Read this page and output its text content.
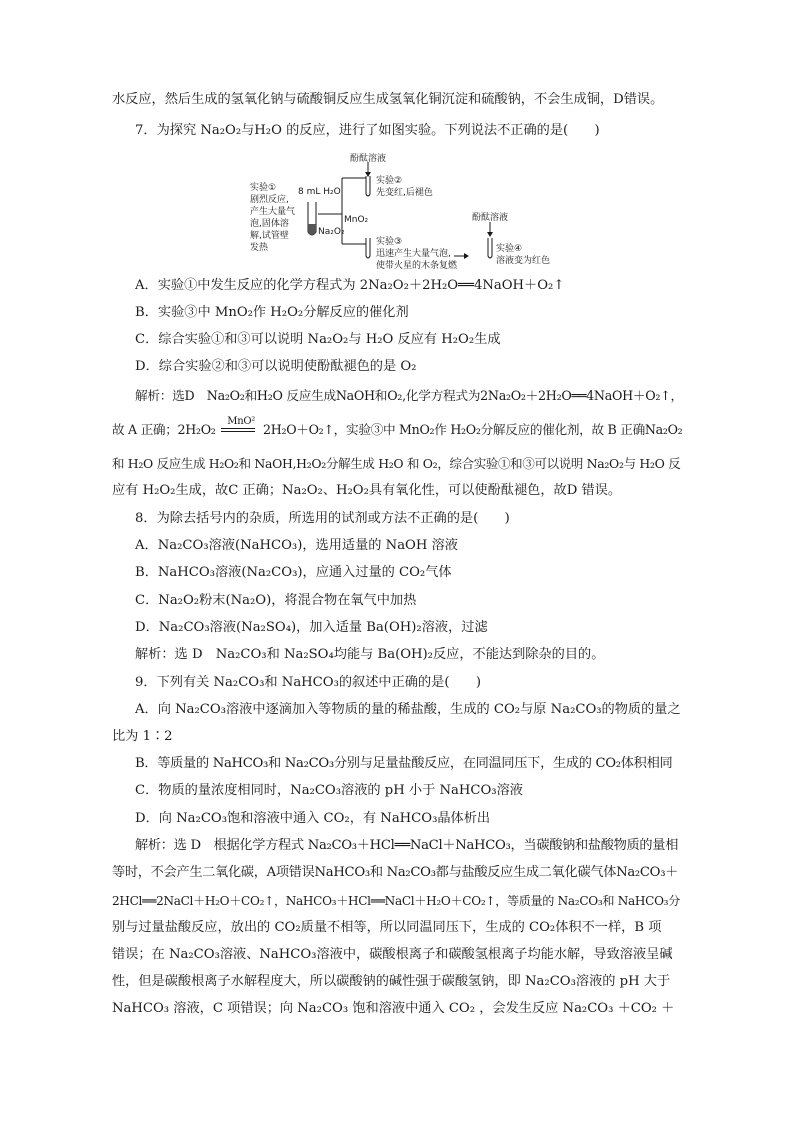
水反应，然后生成的氢氧化钠与硫酸铜反应生成氢氧化铜沉淀和硫酸钠，不会生成铜，D错误。
7．为探究 Na₂O₂与H₂O 的反应，进行了如图实验。下列说法不正确的是(　　)
酚酞溶液
实验①
剧烈反应,
产生大量气
泡,固体溶
解,试管壁
发热
8 mL H₂O
Na₂O₂
MnO₂
实验②
先变红,后褪色
实验③
迅速产生大量气泡,
使带火星的木条复燃
酚酞溶液
实验④
溶液变为红色
A．实验①中发生反应的化学方程式为 2Na₂O₂＋2H₂O══4NaOH＋O₂↑
B．实验③中 MnO₂作 H₂O₂分解反应的催化剂
C．综合实验①和③可以说明 Na₂O₂与 H₂O 反应有 H₂O₂生成
D．综合实验②和③可以说明使酚酞褪色的是 O₂
解析：选D　Na₂O₂和H₂O 反应生成NaOH和O₂,化学方程式为2Na₂O₂＋2H₂O══4NaOH＋O₂↑，
故 A 正确；2H₂O₂
MnO²
2H₂O＋O₂↑，实验③中 MnO₂作 H₂O₂分解反应的催化剂，故 B 正确Na₂O₂
和 H₂O 反应生成 H₂O₂和 NaOH,H₂O₂分解生成 H₂O 和 O₂，综合实验①和③可以说明 Na₂O₂与 H₂O 反
应有 H₂O₂生成，故C 正确；Na₂O₂、H₂O₂具有氧化性，可以使酚酞褪色，故D 错误。
8．为除去括号内的杂质，所选用的试剂或方法不正确的是(　　)
A．Na₂CO₃溶液(NaHCO₃)，选用适量的 NaOH 溶液
B．NaHCO₃溶液(Na₂CO₃)，应通入过量的 CO₂气体
C．Na₂O₂粉末(Na₂O)，将混合物在氧气中加热
D．Na₂CO₃溶液(Na₂SO₄)，加入适量 Ba(OH)₂溶液，过滤
解析：选 D　Na₂CO₃和 Na₂SO₄均能与 Ba(OH)₂反应，不能达到除杂的目的。
9．下列有关 Na₂CO₃和 NaHCO₃的叙述中正确的是(　　)
A．向 Na₂CO₃溶液中逐滴加入等物质的量的稀盐酸，生成的 CO₂与原 Na₂CO₃的物质的量之
比为 1∶2
B．等质量的 NaHCO₃和 Na₂CO₃分别与足量盐酸反应，在同温同压下，生成的 CO₂体积相同
C．物质的量浓度相同时，Na₂CO₃溶液的 pH 小于 NaHCO₃溶液
D．向 Na₂CO₃饱和溶液中通入 CO₂，有 NaHCO₃晶体析出
解析：选 D　根据化学方程式 Na₂CO₃＋HCl══NaCl＋NaHCO₃，当碳酸钠和盐酸物质的量相
等时，不会产生二氧化碳，A项错误NaHCO₃和 Na₂CO₃都与盐酸反应生成二氧化碳气体Na₂CO₃＋
2HCl══2NaCl＋H₂O＋CO₂↑，NaHCO₃＋HCl══NaCl＋H₂O＋CO₂↑，等质量的 Na₂CO₃和 NaHCO₃分
别与过量盐酸反应，放出的 CO₂质量不相等，所以同温同压下，生成的 CO₂体积不一样，B 项
错误；在 Na₂CO₃溶液、NaHCO₃溶液中，碳酸根离子和碳酸氢根离子均能水解，导致溶液呈碱
性，但是碳酸根离子水解程度大，所以碳酸钠的碱性强于碳酸氢钠，即 Na₂CO₃溶液的 pH 大于
NaHCO₃ 溶液，C 项错误；向 Na₂CO₃ 饱和溶液中通入 CO₂ ，会发生反应 Na₂CO₃ ＋CO₂ ＋
